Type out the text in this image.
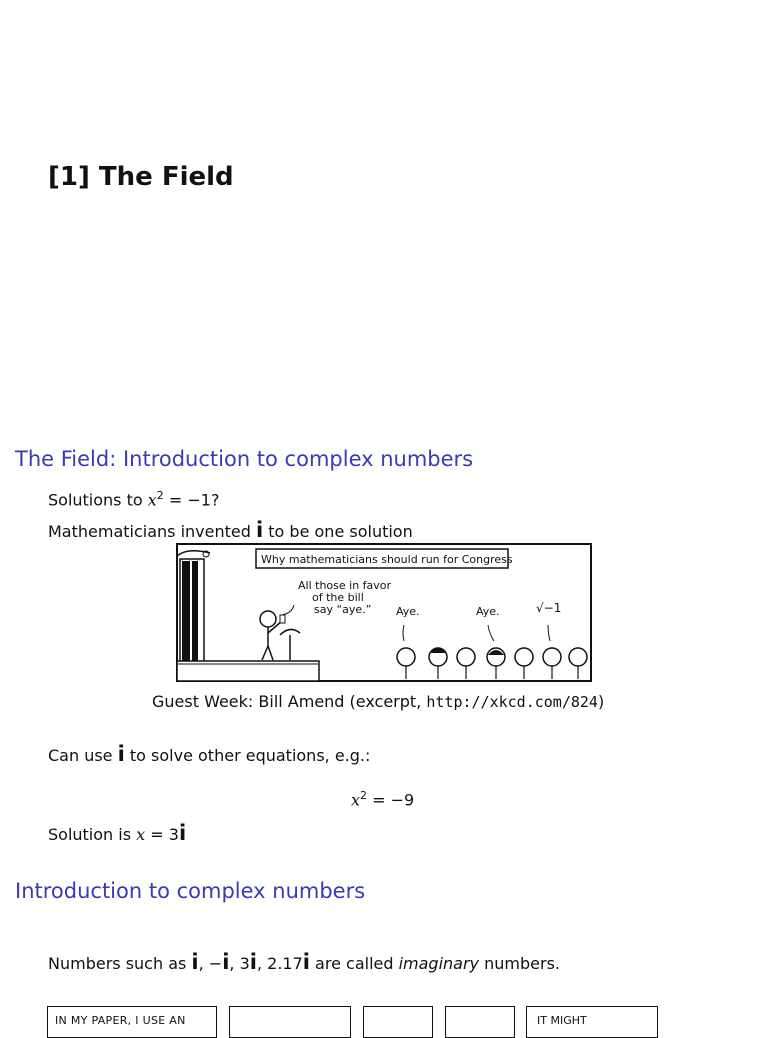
[1] The Field
The Field: Introduction to complex numbers
Solutions to $x^2 = -1$?
Mathematicians invented i to be one solution
Why mathematicians should run for Congress
All those in favor
of the bill
say “aye.”	Aye.	Aye.	√−1
Guest Week: Bill Amend (excerpt, http://xkcd.com/824)
Can use i to solve other equations, e.g.:
$x^2 = -9$
Solution is x = 3i
Introduction to complex numbers
Numbers such as i, −i, 3i, 2.17i are called imaginary numbers.
IN MY PAPER, I USE AN	IT MIGHT
